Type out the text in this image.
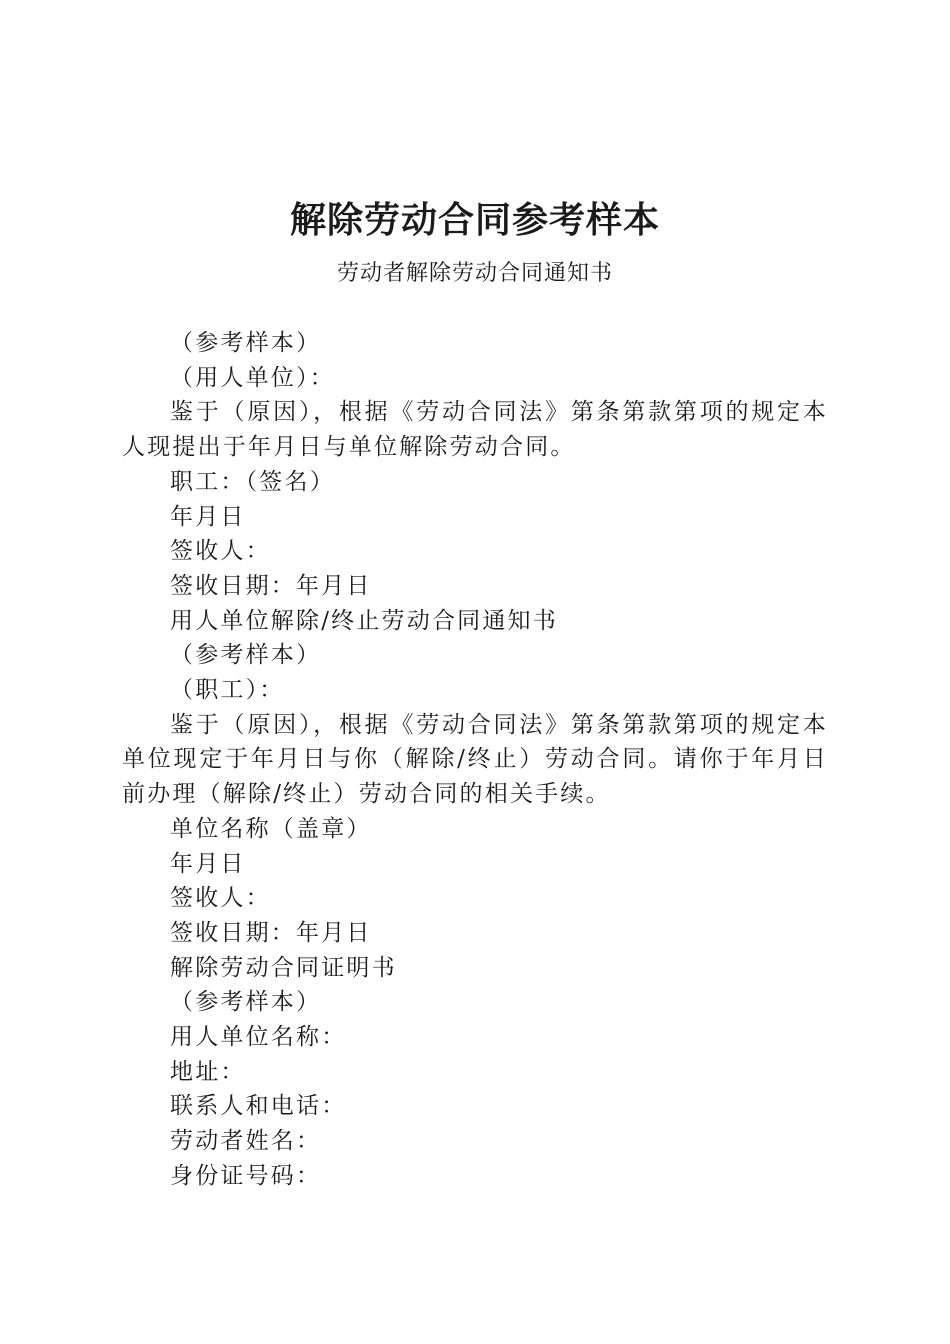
解除劳动合同参考样本
劳动者解除劳动合同通知书

（参考样本）

（用人单位）：

鉴于（原因），根据《劳动合同法》第条第款第项的规定本人现提出于年月日与单位解除劳动合同。

职工：（签名）

年月日

签收人：

签收日期：年月日

用人单位解除/终止劳动合同通知书

（参考样本）

（职工）：

鉴于（原因），根据《劳动合同法》第条第款第项的规定本单位现定于年月日与你（解除/终止）劳动合同。请你于年月日前办理（解除/终止）劳动合同的相关手续。

单位名称（盖章）

年月日

签收人：

签收日期：年月日

解除劳动合同证明书

（参考样本）

用人单位名称：

地址：

联系人和电话：

劳动者姓名：

身份证号码：
